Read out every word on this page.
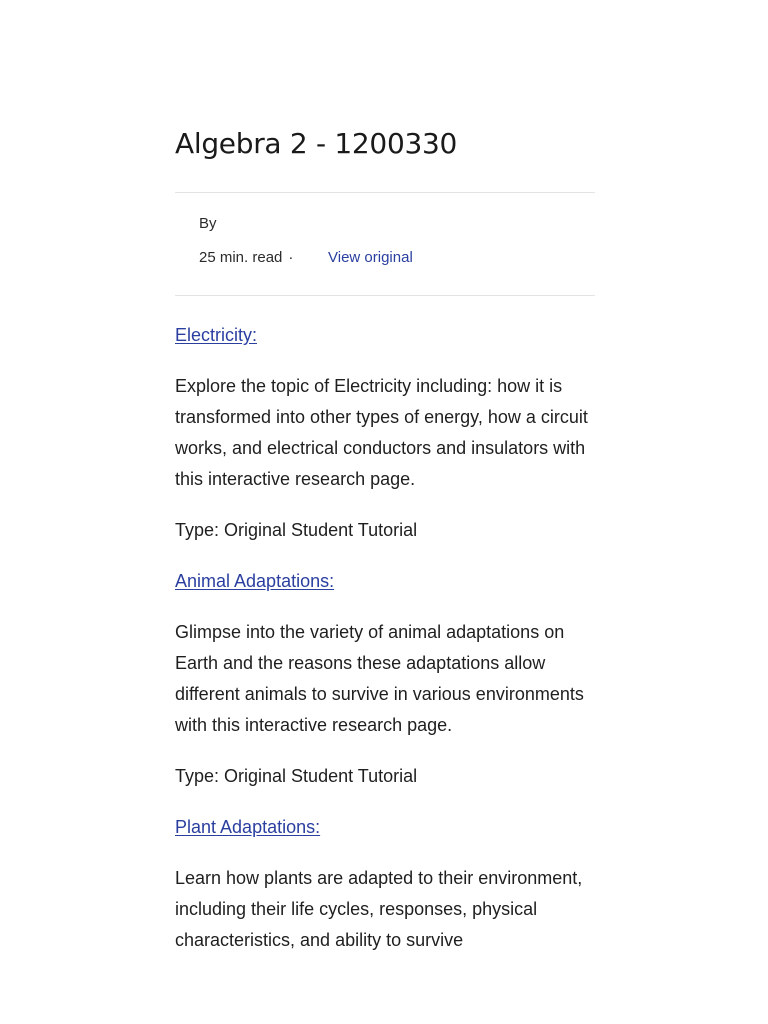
Algebra 2 - 1200330
By
25 min. read · View original

Electricity:

Explore the topic of Electricity including: how it is transformed into other types of energy, how a circuit works, and electrical conductors and insulators with this interactive research page.

Type: Original Student Tutorial

Animal Adaptations:

Glimpse into the variety of animal adaptations on Earth and the reasons these adaptations allow different animals to survive in various environments with this interactive research page.

Type: Original Student Tutorial

Plant Adaptations:

Learn how plants are adapted to their environment, including their life cycles, responses, physical characteristics, and ability to survive
